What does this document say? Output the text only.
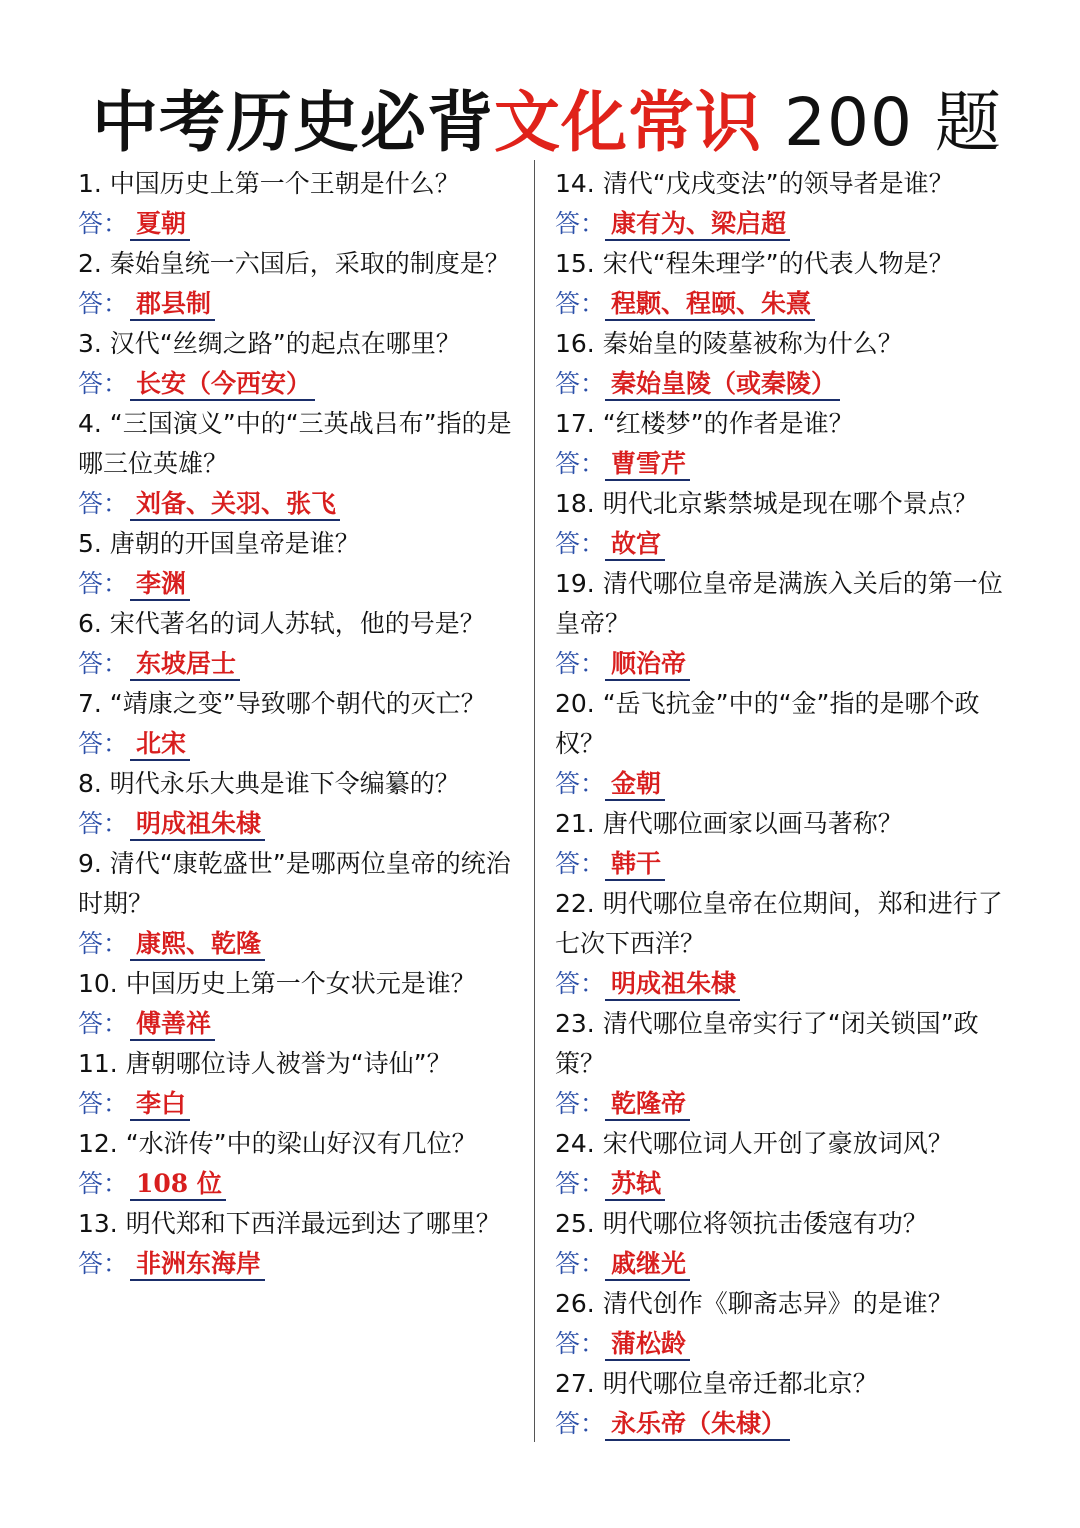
中考历史必背文化常识 200 题

1. 中国历史上第一个王朝是什么？

答： 夏朝

2. 秦始皇统一六国后，采取的制度是？

答： 郡县制

3. 汉代“丝绸之路”的起点在哪里？

答： 长安（今西安）

4. “三国演义”中的“三英战吕布”指的是哪三位英雄？

答： 刘备、关羽、张飞

5. 唐朝的开国皇帝是谁？

答： 李渊

6. 宋代著名的词人苏轼，他的号是？

答： 东坡居士

7. “靖康之变”导致哪个朝代的灭亡？

答： 北宋

8. 明代永乐大典是谁下令编纂的？

答： 明成祖朱棣

9. 清代“康乾盛世”是哪两位皇帝的统治时期？

答： 康熙、乾隆

10. 中国历史上第一个女状元是谁？

答： 傅善祥

11. 唐朝哪位诗人被誉为“诗仙”？

答： 李白

12. “水浒传”中的梁山好汉有几位？

答： 108 位

13. 明代郑和下西洋最远到达了哪里？

答： 非洲东海岸

14. 清代“戊戌变法”的领导者是谁？

答： 康有为、梁启超

15. 宋代“程朱理学”的代表人物是？

答： 程颢、程颐、朱熹

16. 秦始皇的陵墓被称为什么？

答： 秦始皇陵（或秦陵）

17. “红楼梦”的作者是谁？

答： 曹雪芹

18. 明代北京紫禁城是现在哪个景点？

答： 故宫

19. 清代哪位皇帝是满族入关后的第一位皇帝？

答： 顺治帝

20. “岳飞抗金”中的“金”指的是哪个政权？

答： 金朝

21. 唐代哪位画家以画马著称？

答： 韩干

22. 明代哪位皇帝在位期间，郑和进行了七次下西洋？

答： 明成祖朱棣

23. 清代哪位皇帝实行了“闭关锁国”政策？

答： 乾隆帝

24. 宋代哪位词人开创了豪放词风？

答： 苏轼

25. 明代哪位将领抗击倭寇有功？

答： 戚继光

26. 清代创作《聊斋志异》的是谁？

答： 蒲松龄

27. 明代哪位皇帝迁都北京？

答： 永乐帝（朱棣）
